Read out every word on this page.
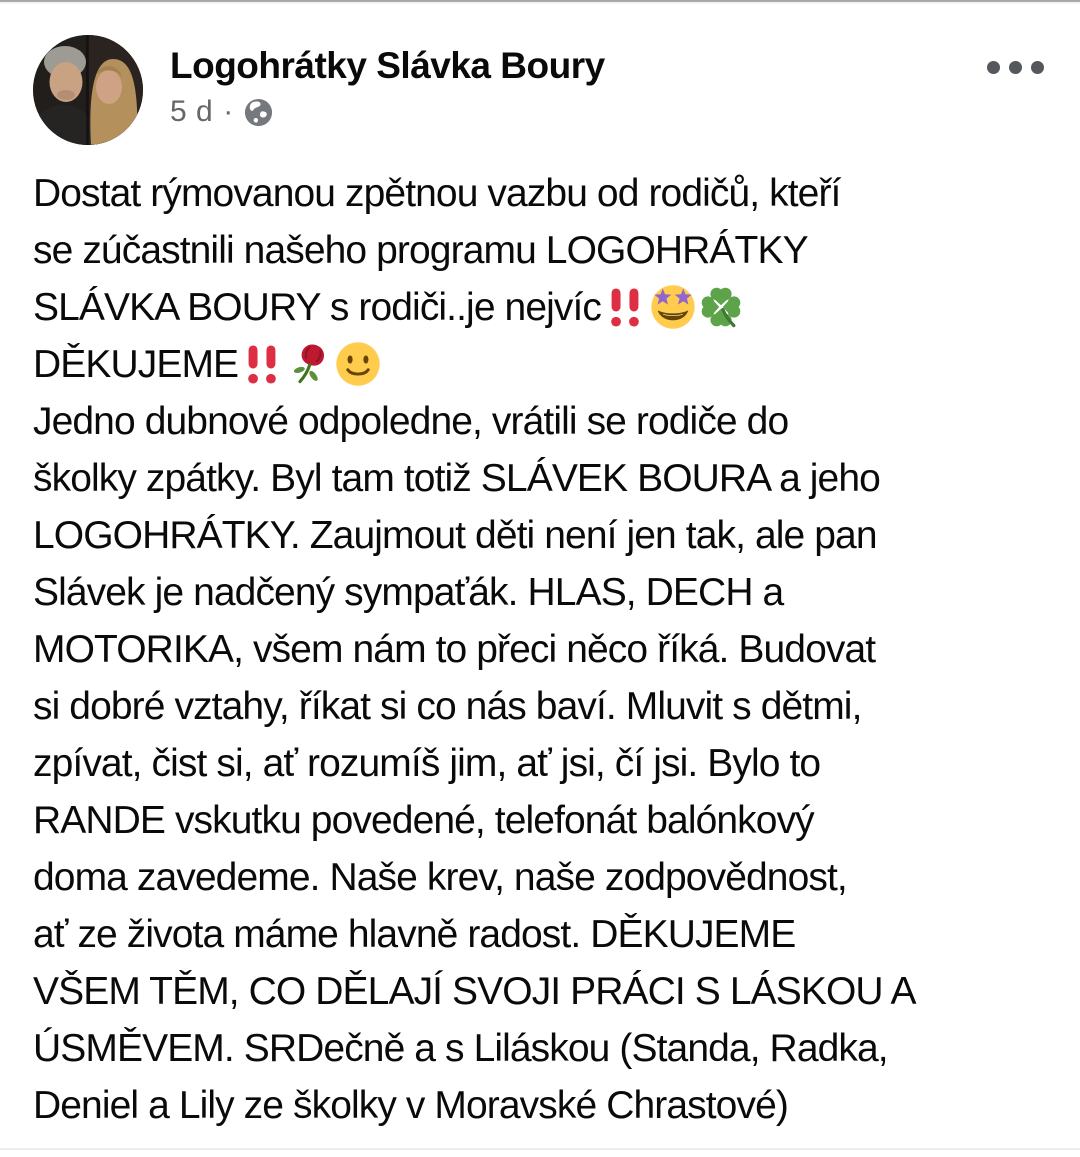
Logohrátky Slávka Boury
5 d ·
Dostat rýmovanou zpětnou vazbu od rodičů, kteří
se zúčastnili našeho programu LOGOHRÁTKY
SLÁVKA BOURY s rodiči..je nejvíc
DĚKUJEME
Jedno dubnové odpoledne, vrátili se rodiče do
školky zpátky. Byl tam totiž SLÁVEK BOURA a jeho
LOGOHRÁTKY. Zaujmout děti není jen tak, ale pan
Slávek je nadčený sympaťák. HLAS, DECH a
MOTORIKA, všem nám to přeci něco říká. Budovat
si dobré vztahy, říkat si co nás baví. Mluvit s dětmi,
zpívat, čist si, ať rozumíš jim, ať jsi, čí jsi. Bylo to
RANDE vskutku povedené, telefonát balónkový
doma zavedeme. Naše krev, naše zodpovědnost,
ať ze života máme hlavně radost. DĚKUJEME
VŠEM TĚM, CO DĚLAJÍ SVOJI PRÁCI S LÁSKOU A
ÚSMĚVEM. SRDečně a s Liláskou (Standa, Radka,
Deniel a Lily ze školky v Moravské Chrastové)
